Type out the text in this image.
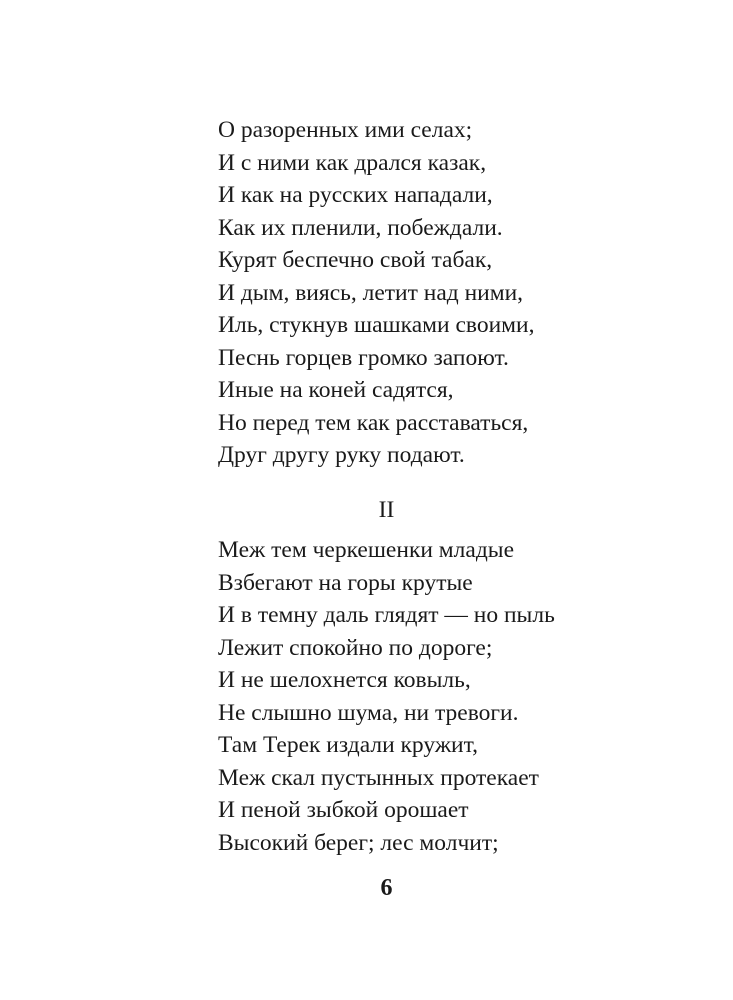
О разоренных ими селах;
И с ними как дрался казак,
И как на русских нападали,
Как их пленили, побеждали.
Курят беспечно свой табак,
И дым, виясь, летит над ними,
Иль, стукнув шашками своими,
Песнь горцев громко запоют.
Иные на коней садятся,
Но перед тем как расставаться,
Друг другу руку подают.
II
Меж тем черкешенки младые
Взбегают на горы крутые
И в темну даль глядят — но пыль
Лежит спокойно по дороге;
И не шелохнется ковыль,
Не слышно шума, ни тревоги.
Там Терек издали кружит,
Меж скал пустынных протекает
И пеной зыбкой орошает
Высокий берег; лес молчит;
6
